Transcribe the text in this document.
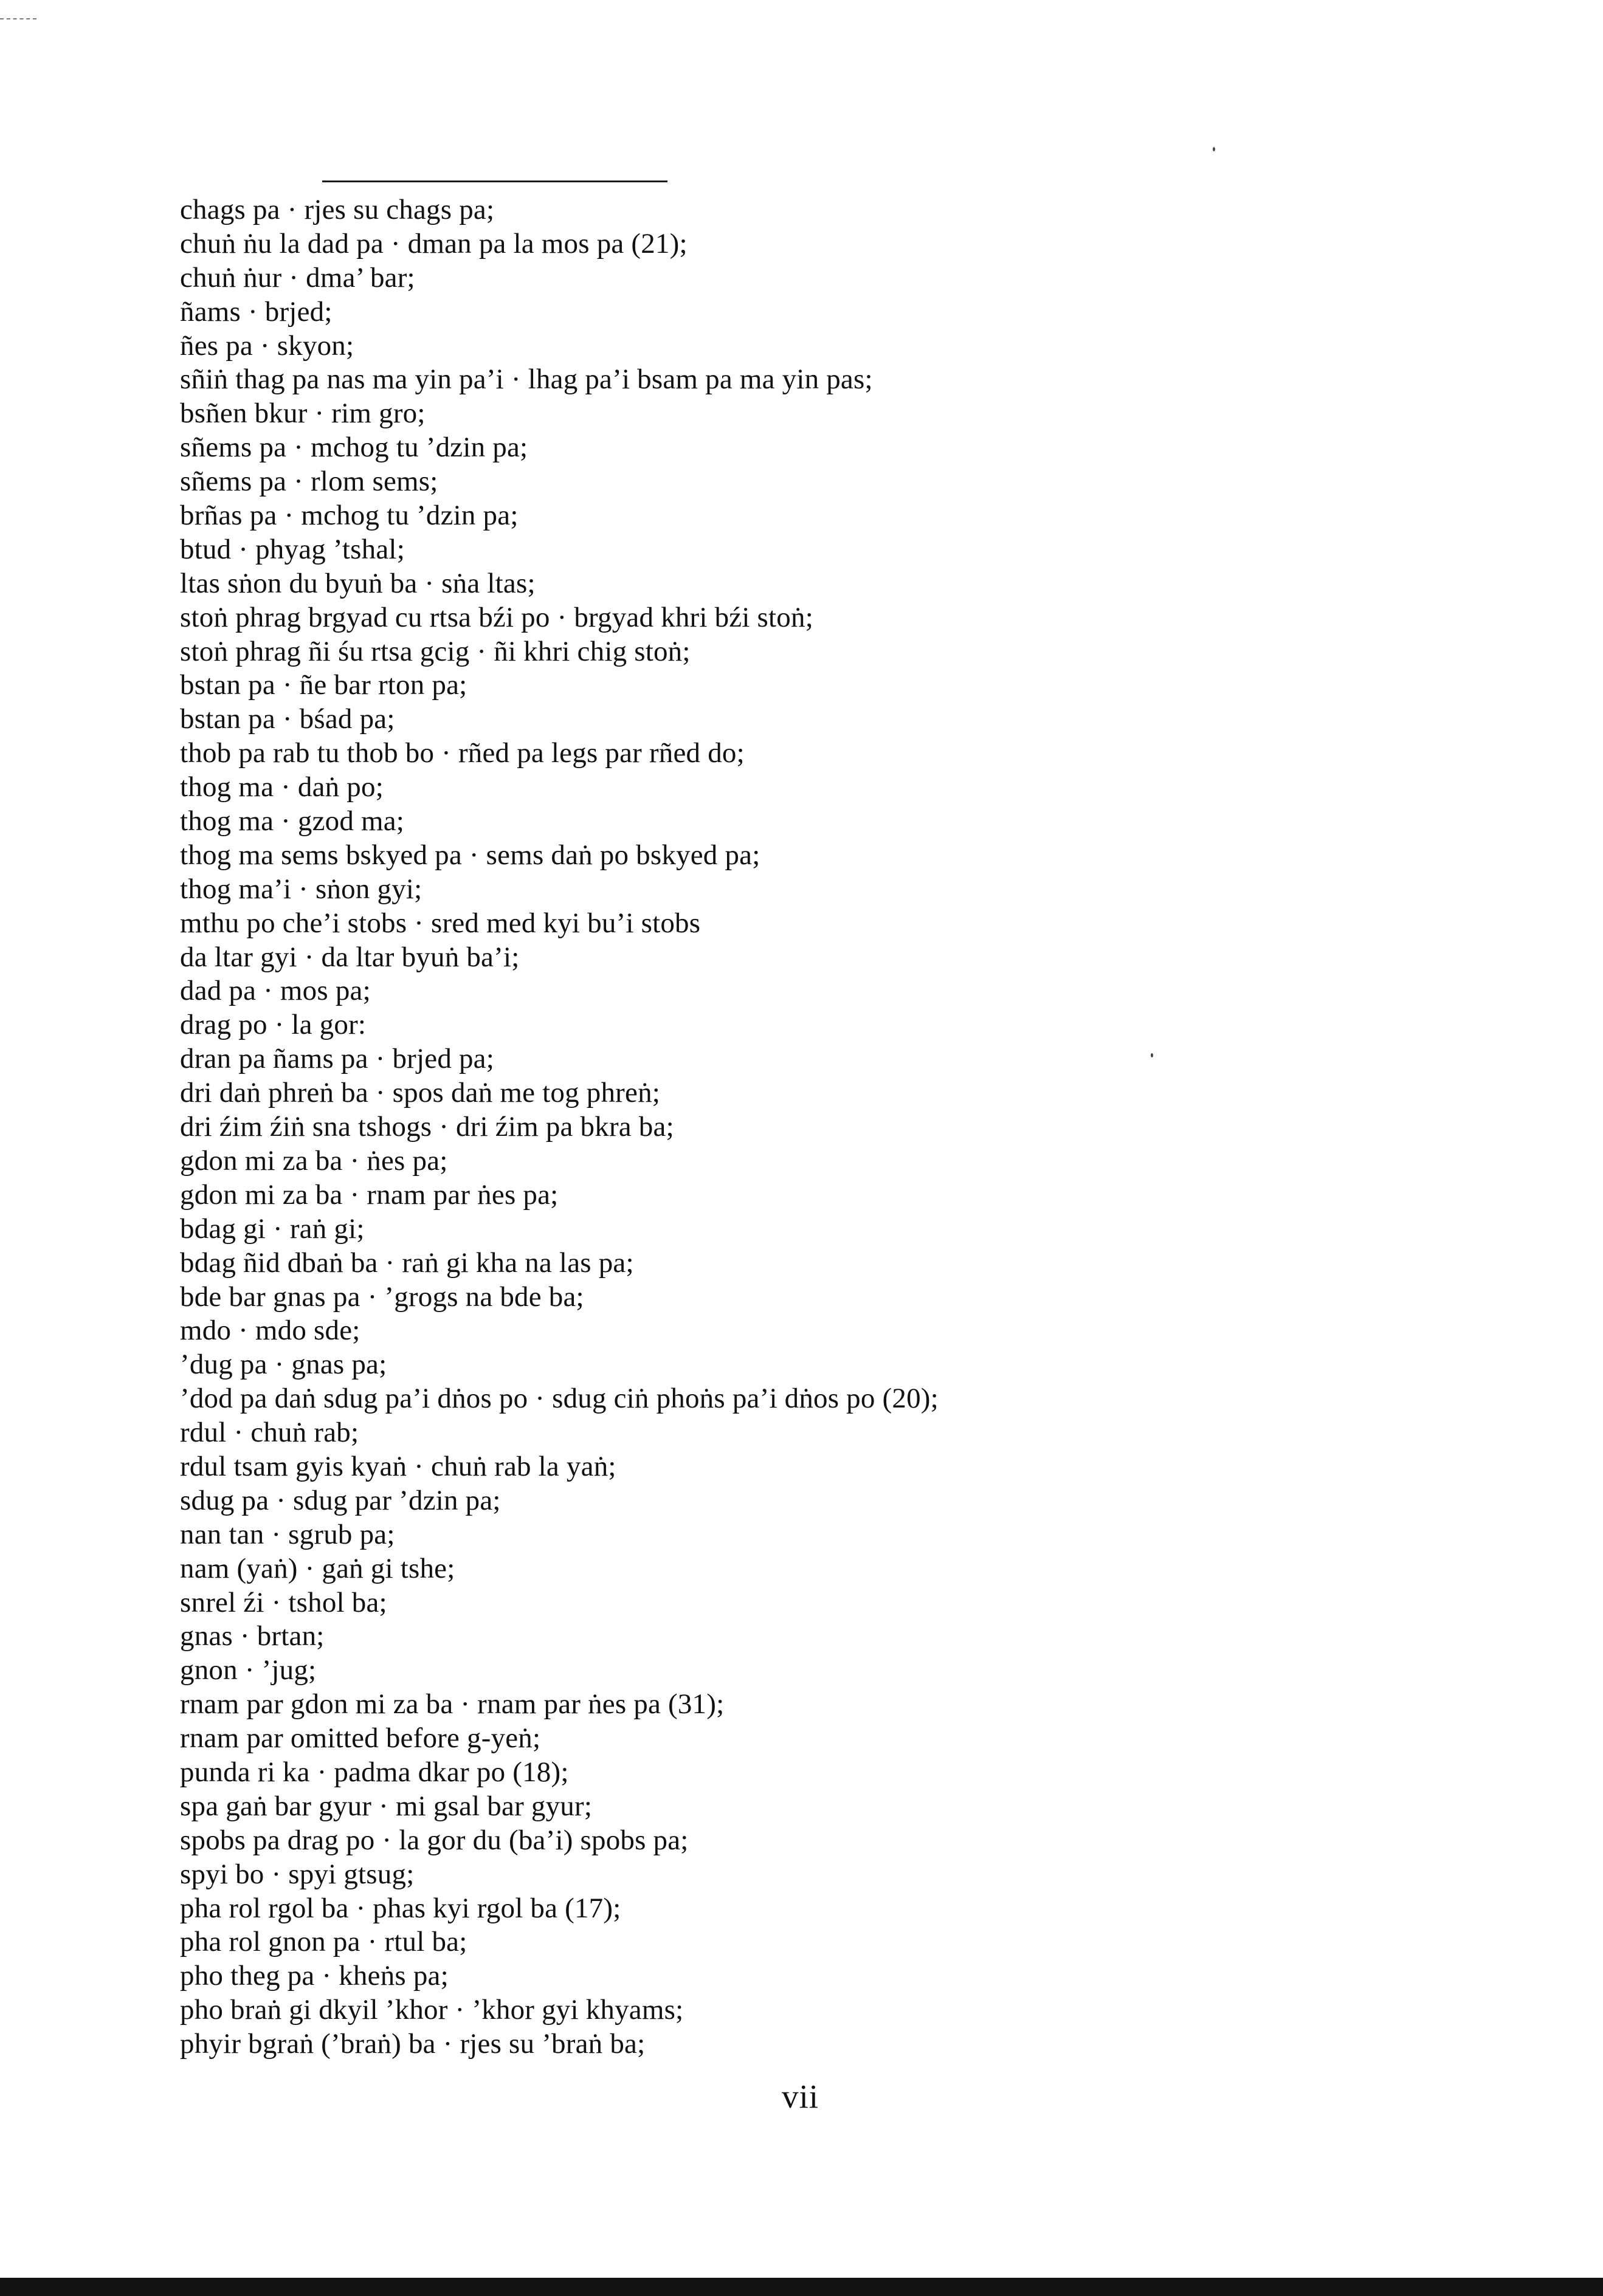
chags pa · rjes su chags pa;
chuṅ ṅu la dad pa · dman pa la mos pa (21);
chuṅ ṅur · dma’ bar;
ñams · brjed;
ñes pa · skyon;
sñiṅ thag pa nas ma yin pa’i · lhag pa’i bsam pa ma yin pas;
bsñen bkur · rim gro;
sñems pa · mchog tu ’dzin pa;
sñems pa · rlom sems;
brñas pa · mchog tu ’dzin pa;
btud · phyag ’tshal;
ltas sṅon du byuṅ ba · sṅa ltas;
stoṅ phrag brgyad cu rtsa bźi po · brgyad khri bźi stoṅ;
stoṅ phrag ñi śu rtsa gcig · ñi khri chig stoṅ;
bstan pa · ñe bar rton pa;
bstan pa · bśad pa;
thob pa rab tu thob bo · rñed pa legs par rñed do;
thog ma · daṅ po;
thog ma · gzod ma;
thog ma sems bskyed pa · sems daṅ po bskyed pa;
thog ma’i · sṅon gyi;
mthu po che’i stobs · sred med kyi bu’i stobs
da ltar gyi · da ltar byuṅ ba’i;
dad pa · mos pa;
drag po · la gor:
dran pa ñams pa · brjed pa;
dri daṅ phreṅ ba · spos daṅ me tog phreṅ;
dri źim źiṅ sna tshogs · dri źim pa bkra ba;
gdon mi za ba · ṅes pa;
gdon mi za ba · rnam par ṅes pa;
bdag gi · raṅ gi;
bdag ñid dbaṅ ba · raṅ gi kha na las pa;
bde bar gnas pa · ’grogs na bde ba;
mdo · mdo sde;
’dug pa · gnas pa;
’dod pa daṅ sdug pa’i dṅos po · sdug ciṅ phoṅs pa’i dṅos po (20);
rdul · chuṅ rab;
rdul tsam gyis kyaṅ · chuṅ rab la yaṅ;
sdug pa · sdug par ’dzin pa;
nan tan · sgrub pa;
nam (yaṅ) · gaṅ gi tshe;
snrel źi · tshol ba;
gnas · brtan;
gnon · ’jug;
rnam par gdon mi za ba · rnam par ṅes pa (31);
rnam par omitted before g-yeṅ;
punda ri ka · padma dkar po (18);
spa gaṅ bar gyur · mi gsal bar gyur;
spobs pa drag po · la gor du (ba’i) spobs pa;
spyi bo · spyi gtsug;
pha rol rgol ba · phas kyi rgol ba (17);
pha rol gnon pa · rtul ba;
pho theg pa · kheṅs pa;
pho braṅ gi dkyil ’khor · ’khor gyi khyams;
phyir bgraṅ (’braṅ) ba · rjes su ’braṅ ba;
vii
